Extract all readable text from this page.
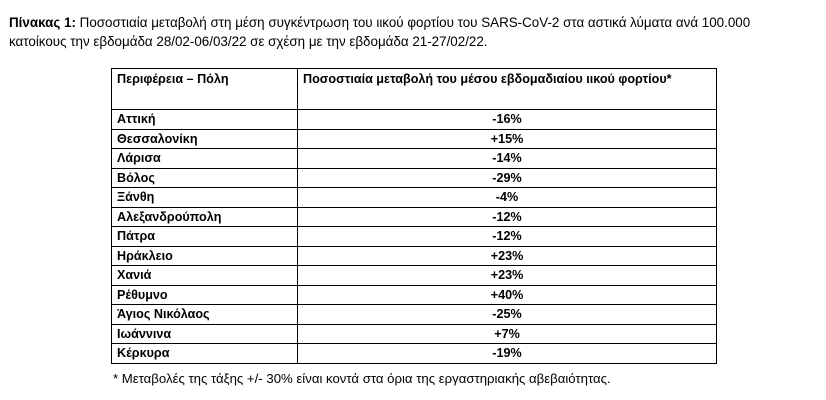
Πίνακας 1: Ποσοστιαία μεταβολή στη μέση συγκέντρωση του ιικού φορτίου του SARS-CoV-2 στα αστικά λύματα ανά 100.000 κατοίκους την εβδομάδα 28/02-06/03/22 σε σχέση με την εβδομάδα 21-27/02/22.
Περιφέρεια – Πόλη	Ποσοστιαία μεταβολή του μέσου εβδομαδιαίου ιικού φορτίου*
Αττική	-16%
Θεσσαλονίκη	+15%
Λάρισα	-14%
Βόλος	-29%
Ξάνθη	-4%
Αλεξανδρούπολη	-12%
Πάτρα	-12%
Ηράκλειο	+23%
Χανιά	+23%
Ρέθυμνο	+40%
Άγιος Νικόλαος	-25%
Ιωάννινα	+7%
Κέρκυρα	-19%
* Μεταβολές της τάξης +/- 30% είναι κοντά στα όρια της εργαστηριακής αβεβαιότητας.
